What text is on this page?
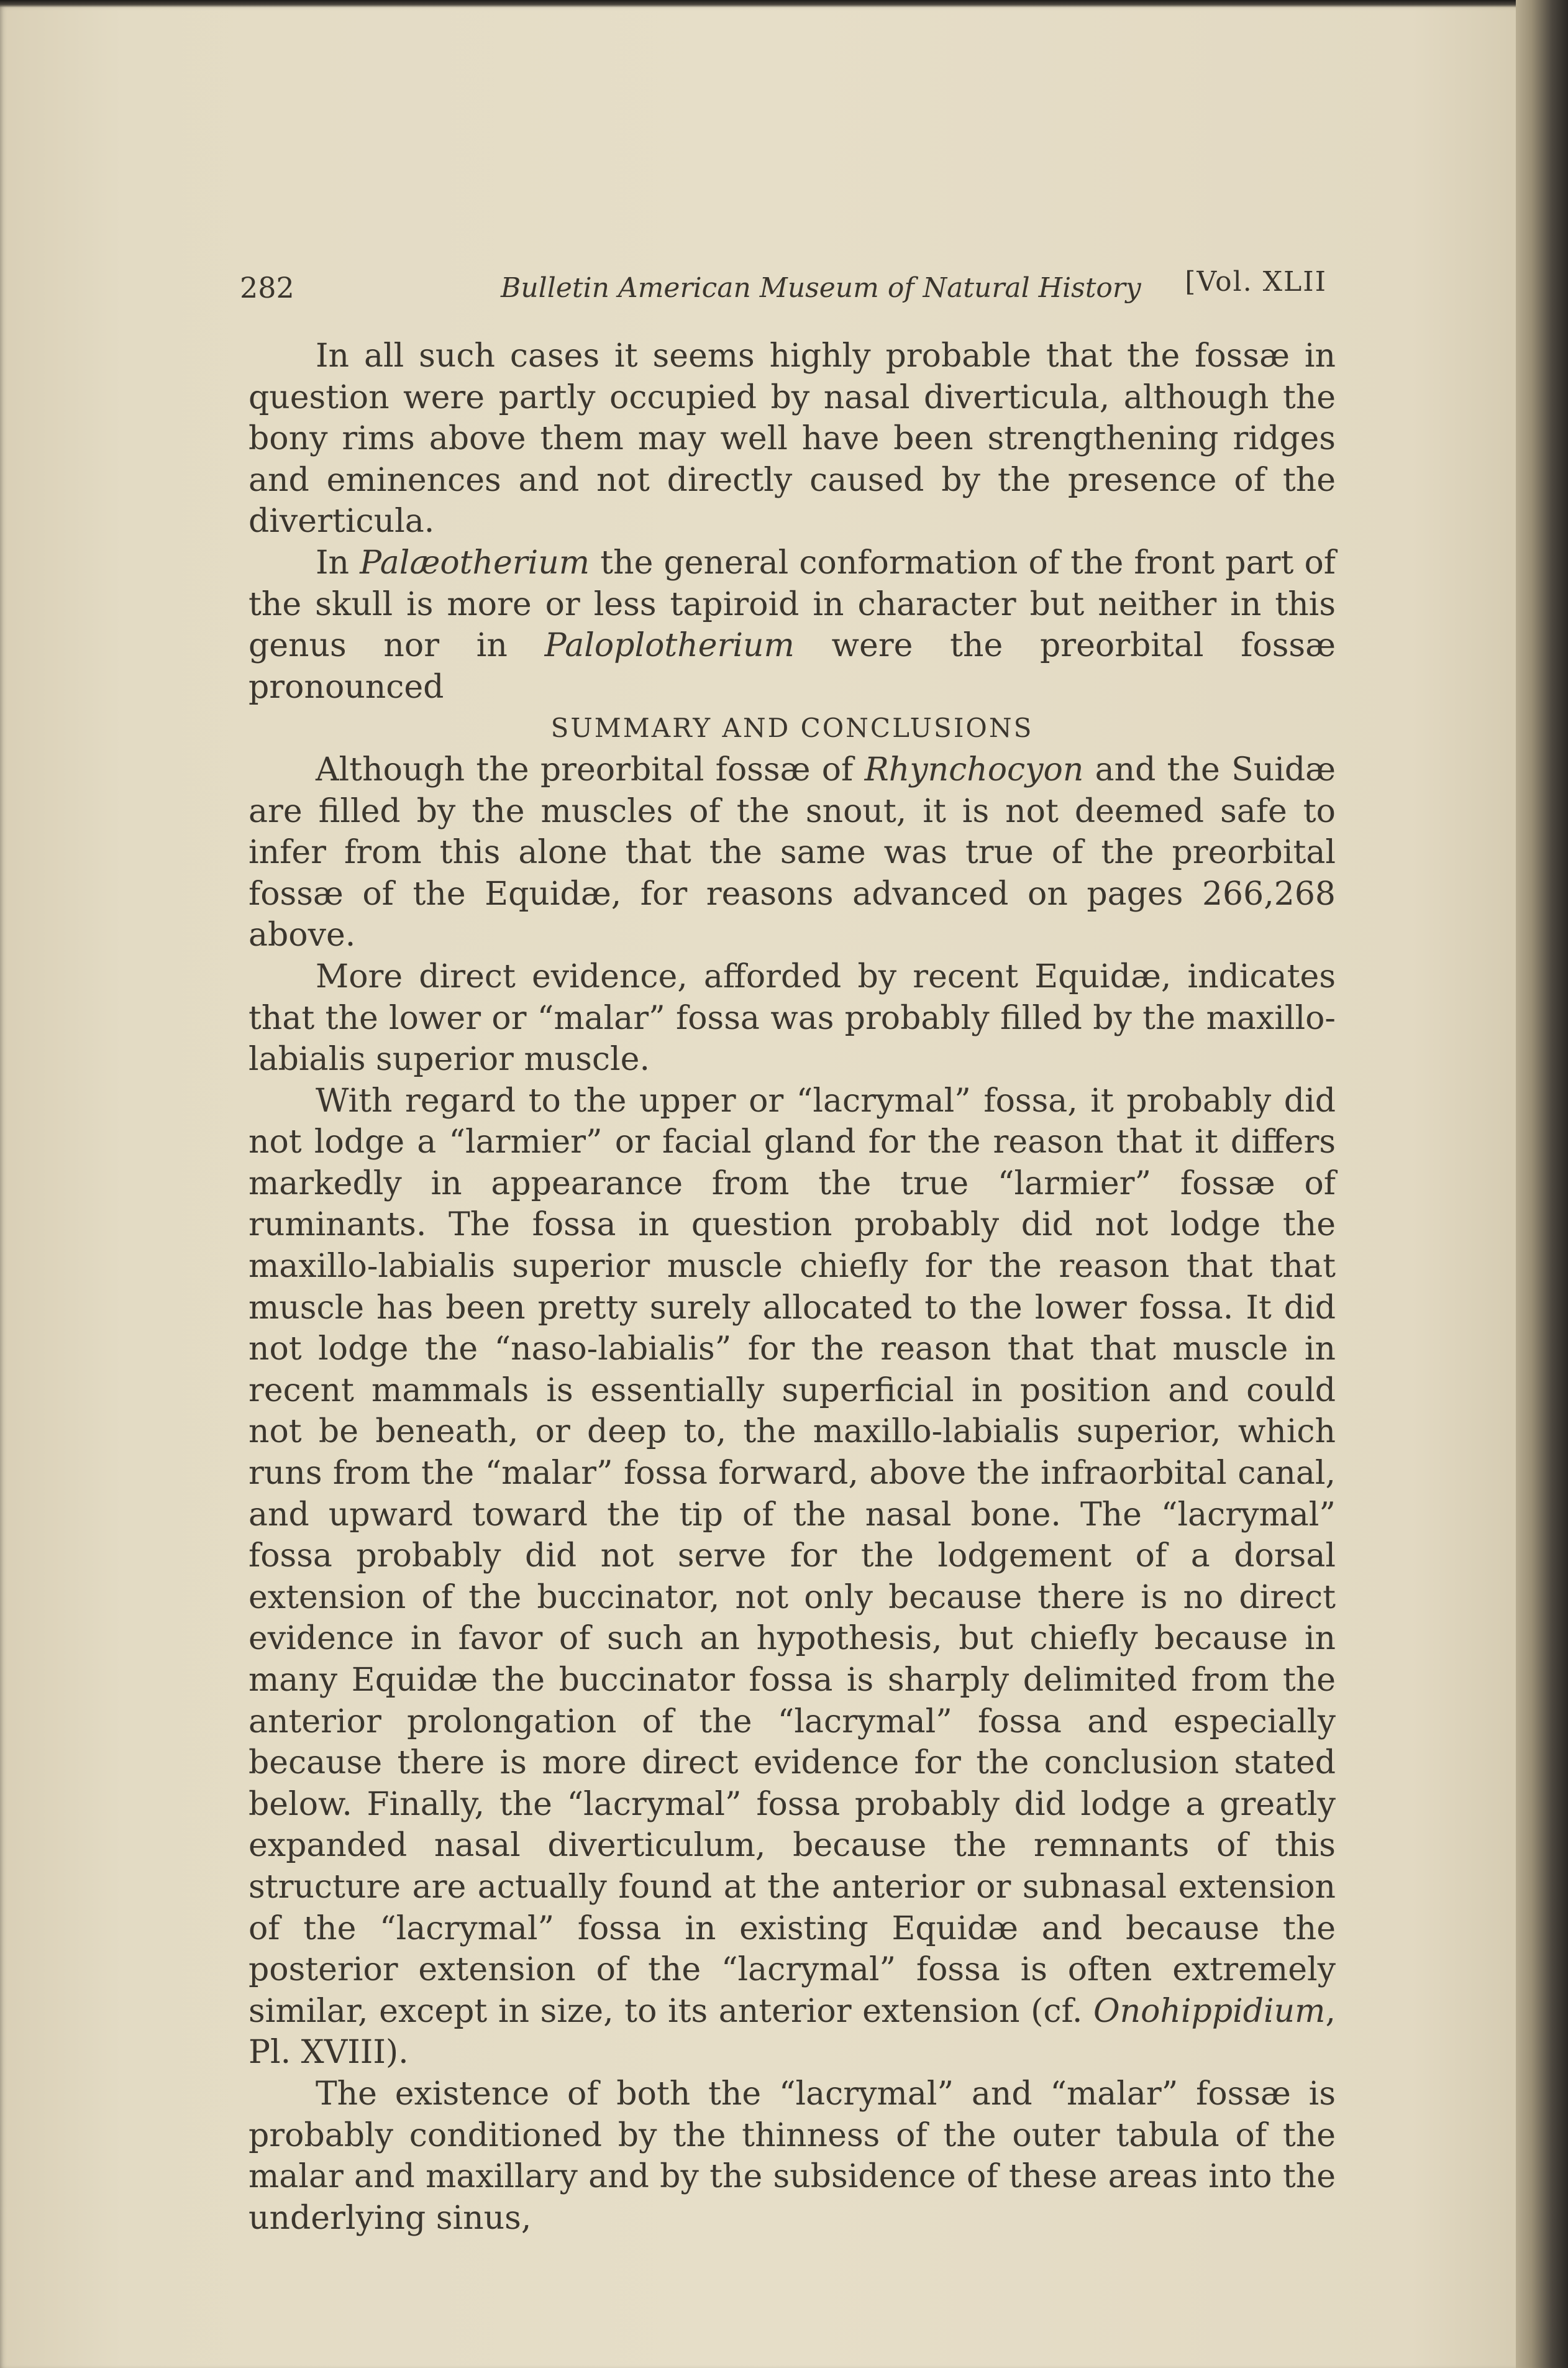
282	Bulletin American Museum of Natural History [Vol. XLII

In all such cases it seems highly probable that the fossæ in question were partly occupied by nasal diverticula, although the bony rims above them may well have been strengthening ridges and eminences and not directly caused by the presence of the diverticula.

In Palæotherium the general conformation of the front part of the skull is more or less tapiroid in character but neither in this genus nor in Paloplotherium were the preorbital fossæ pronounced

SUMMARY AND CONCLUSIONS

Although the preorbital fossæ of Rhynchocyon and the Suidæ are filled by the muscles of the snout, it is not deemed safe to infer from this alone that the same was true of the preorbital fossæ of the Equidæ, for reasons advanced on pages 266,268 above.

More direct evidence, afforded by recent Equidæ, indicates that the lower or “malar” fossa was probably filled by the maxillo-labialis superior muscle.

With regard to the upper or “lacrymal” fossa, it probably did not lodge a “larmier” or facial gland for the reason that it differs markedly in appearance from the true “larmier” fossæ of ruminants. The fossa in question probably did not lodge the maxillo-labialis superior muscle chiefly for the reason that that muscle has been pretty surely allocated to the lower fossa. It did not lodge the “naso-labialis” for the reason that that muscle in recent mammals is essentially superficial in position and could not be beneath, or deep to, the maxillo-labialis superior, which runs from the “malar” fossa forward, above the infraorbital canal, and upward toward the tip of the nasal bone. The “lacrymal” fossa probably did not serve for the lodgement of a dorsal extension of the buccinator, not only because there is no direct evidence in favor of such an hypothesis, but chiefly because in many Equidæ the buccinator fossa is sharply delimited from the anterior prolongation of the “lacrymal” fossa and especially because there is more direct evidence for the conclusion stated below. Finally, the “lacrymal” fossa probably did lodge a greatly expanded nasal diverticulum, because the remnants of this structure are actually found at the anterior or subnasal extension of the “lacrymal” fossa in existing Equidæ and because the posterior extension of the “lacrymal” fossa is often extremely similar, except in size, to its anterior extension (cf. Onohippidium, Pl. XVIII).

The existence of both the “lacrymal” and “malar” fossæ is probably conditioned by the thinness of the outer tabula of the malar and maxillary and by the subsidence of these areas into the underlying sinus,
